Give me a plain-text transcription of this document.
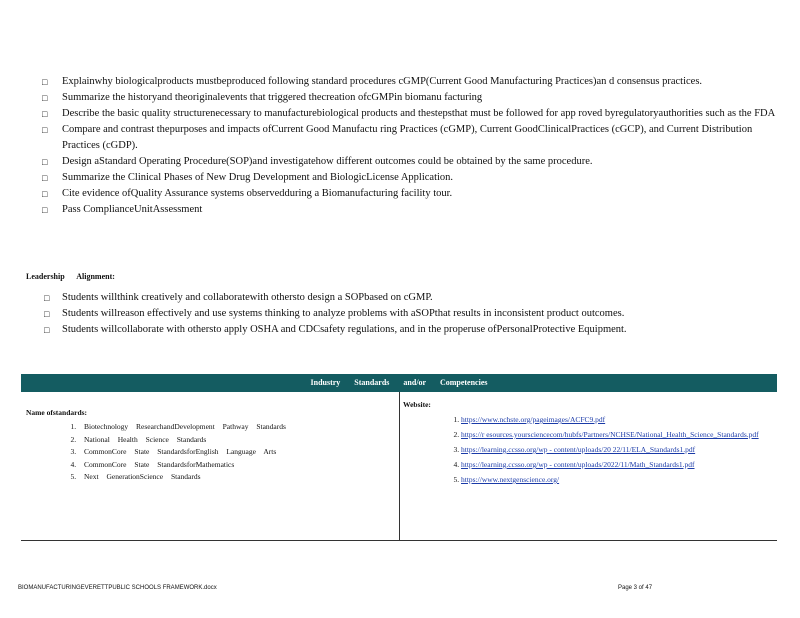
□ Explainwhy biologicalproducts mustbeproduced following standard procedures cGMP(Current Good Manufacturing Practices)an d consensus practices.
□ Summarize the historyand theoriginalevents that triggered thecreation ofcGMPin biomanu facturing
□ Describe the basic quality structurenecessary to manufacturebiological products and thestepsthat must be followed for app roved byregulatoryauthorities such as the FDA
□ Compare and contrast thepurposes and impacts ofCurrent Good Manufactu ring Practices (cGMP), Current GoodClinicalPractices (cGCP), and Current Distribution Practices (cGDP).
□ Design aStandard Operating Procedure(SOP)and investigatehow different outcomes could be obtained by the same procedure.
□ Summarize the Clinical Phases of New Drug Development and BiologicLicense Application.
□ Cite evidence ofQuality Assurance systems observedduring a Biomanufacturing facility tour.
□ Pass ComplianceUnitAssessment
Leadership Alignment:
□ Students willthink creatively and collaboratewith othersto design a SOPbased on cGMP.
□ Students willreason effectively and use systems thinking to analyze problems with aSOPthat results in inconsistent product outcomes.
□ Students willcollaborate with othersto apply OSHA and CDCsafety regulations, and in the properuse ofPersonalProtective Equipment.
Industry Standards and/or Competencies
Name ofstandards:
1. Biotechnology ResearchandDevelopment Pathway Standards
2. National Health Science Standards
3. CommonCore State StandardsforEnglish Language Arts
4. CommonCore State StandardsforMathematics
5. Next GenerationScience Standards
Website:
1. https://www.nchste.org/pageimages/ACFC9.pdf
2. https://r esources.yoursciencecom/hubfs/Partners/NCHSE/National_Health_Science_Standards.pdf
3. https://learning.ccsso.org/wp - content/uploads/20 22/11/ELA_Standards1.pdf
4. https://learning.ccsso.org/wp - content/uploads/2022/11/Math_Standards1.pdf
5. https://www.nextgenscience.org/
BIOMANUFACTURINGEVERETTPUBLIC SCHOOLS FRAMEWORK.docx	Page 3 of 47
